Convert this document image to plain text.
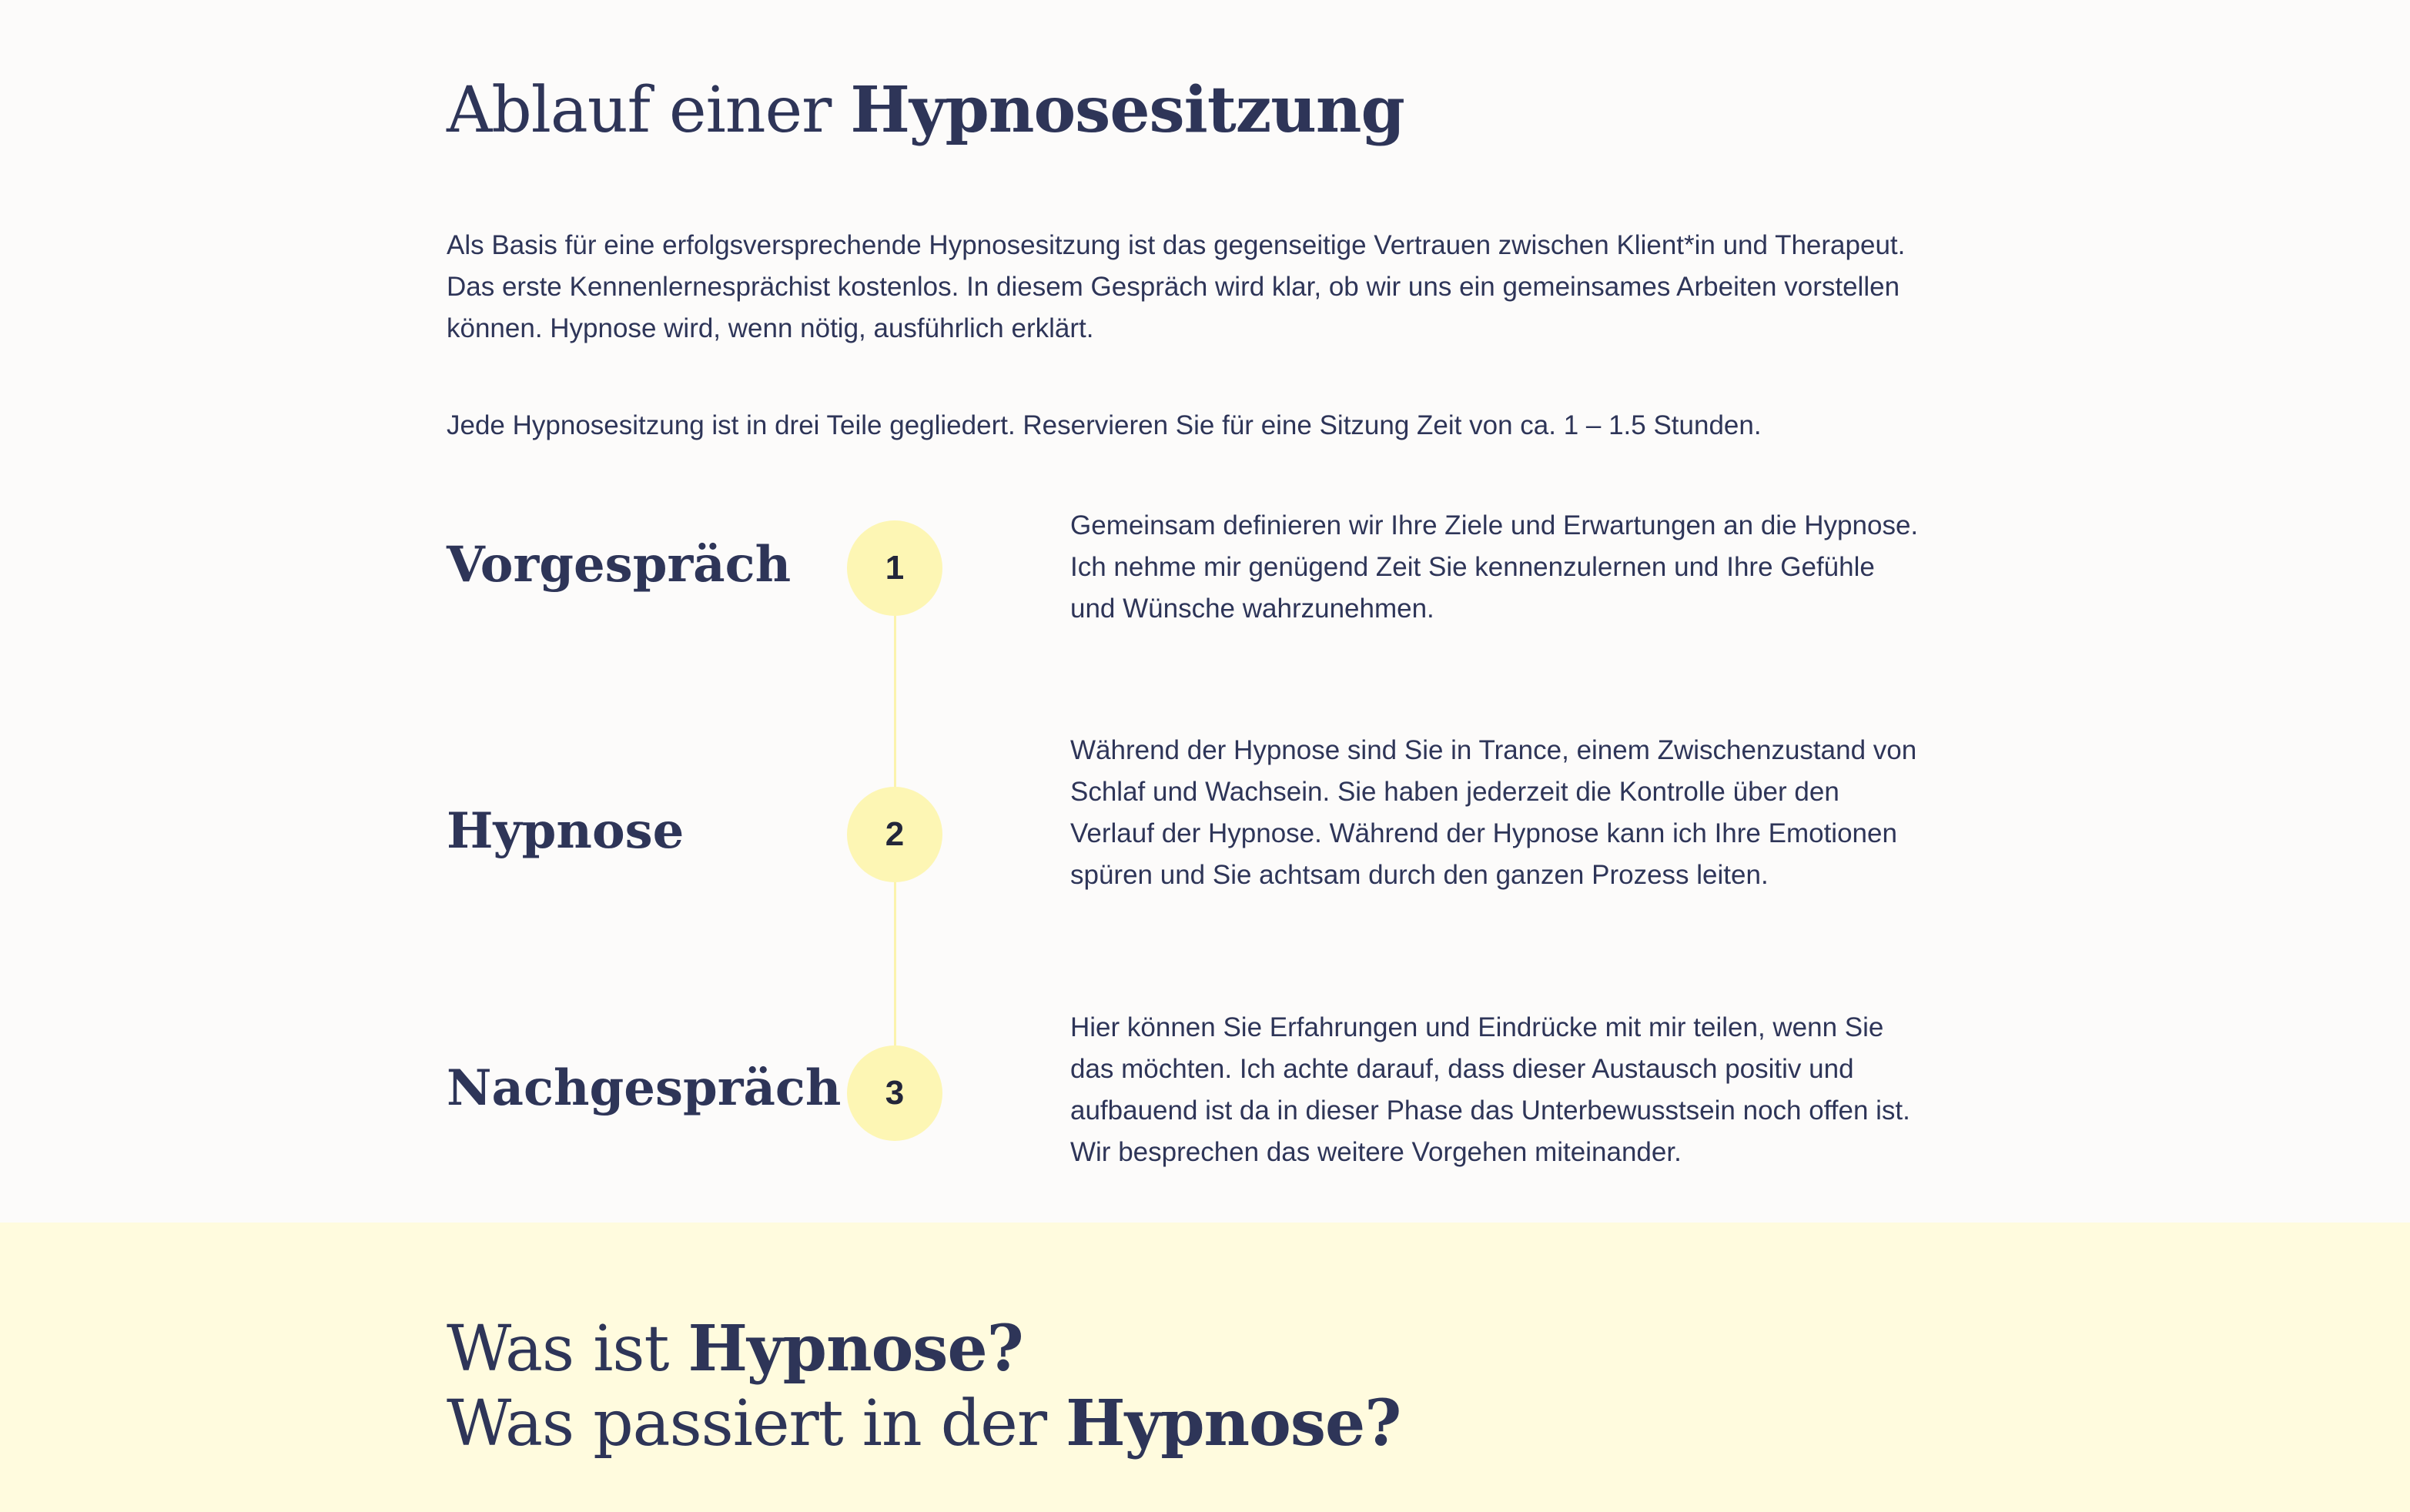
Ablauf einer Hypnosesitzung

Als Basis für eine erfolgsversprechende Hypnosesitzung ist das gegenseitige Vertrauen zwischen Klient*in und Therapeut. Das erste Kennenlernesprächist kostenlos. In diesem Gespräch wird klar, ob wir uns ein gemeinsames Arbeiten vorstellen können. Hypnose wird, wenn nötig, ausführlich erklärt.

Jede Hypnosesitzung ist in drei Teile gegliedert. Reservieren Sie für eine Sitzung Zeit von ca. 1 – 1.5 Stunden.

Vorgespräch	1

Gemeinsam definieren wir Ihre Ziele und Erwartungen an die Hypnose. Ich nehme mir genügend Zeit Sie kennenzulernen und Ihre Gefühle und Wünsche wahrzunehmen.

Hypnose	2

Während der Hypnose sind Sie in Trance, einem Zwischenzustand von Schlaf und Wachsein. Sie haben jederzeit die Kontrolle über den Verlauf der Hypnose. Während der Hypnose kann ich Ihre Emotionen spüren und Sie achtsam durch den ganzen Prozess leiten.

Nachgespräch	3

Hier können Sie Erfahrungen und Eindrücke mit mir teilen, wenn Sie das möchten. Ich achte darauf, dass dieser Austausch positiv und aufbauend ist da in dieser Phase das Unterbewusstsein noch offen ist. Wir besprechen das weitere Vorgehen miteinander.

Was ist Hypnose?
Was passiert in der Hypnose?
